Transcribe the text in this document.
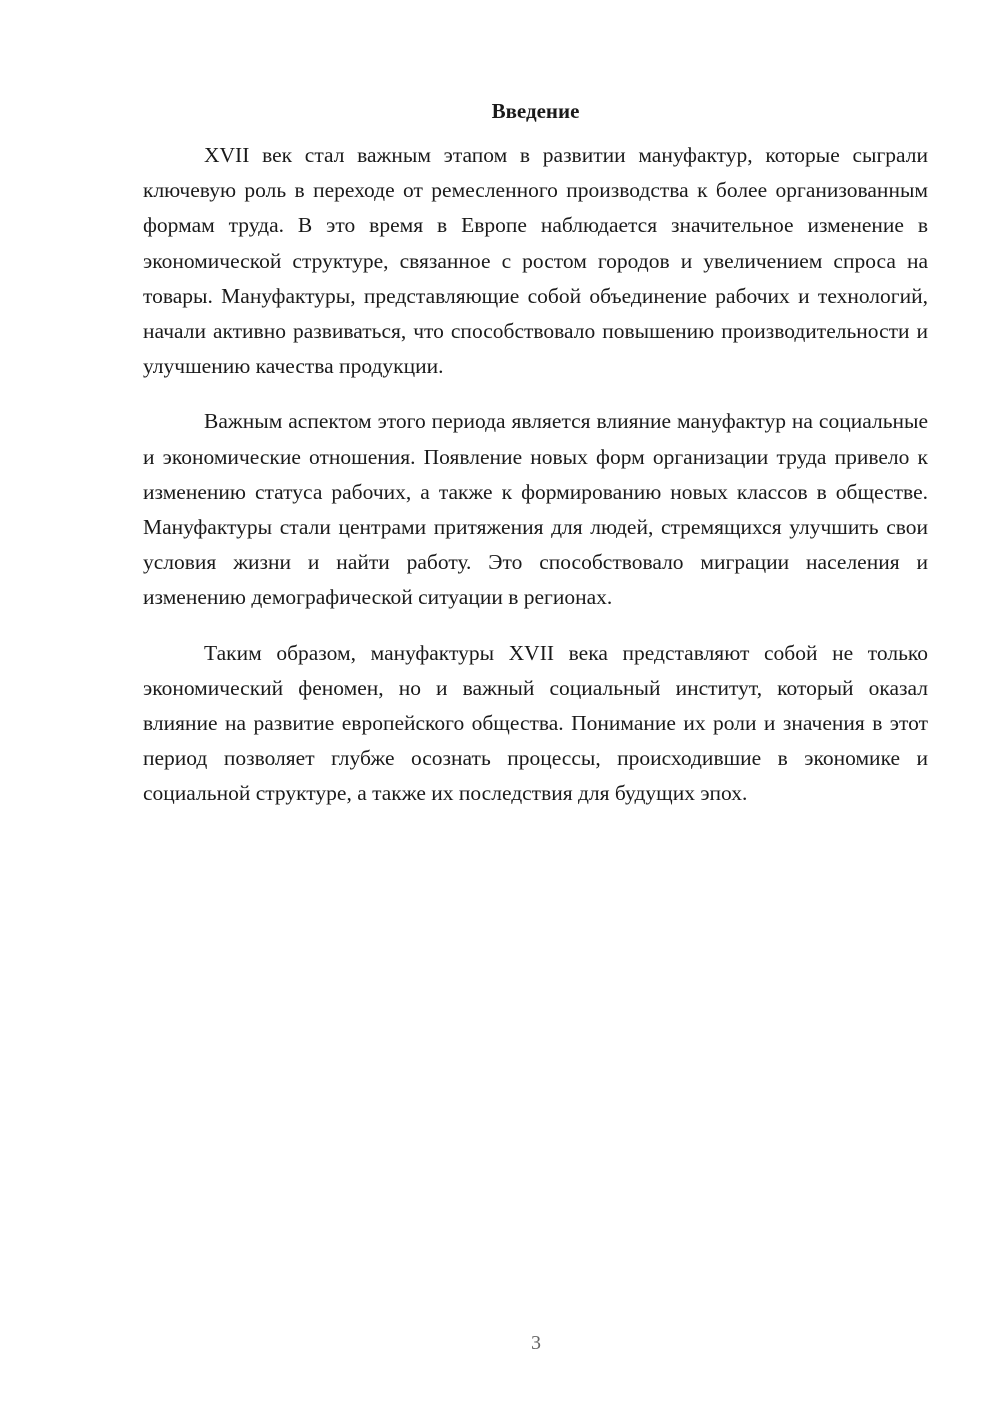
Введение

XVII век стал важным этапом в развитии мануфактур, которые сыграли ключевую роль в переходе от ремесленного производства к более организованным формам труда. В это время в Европе наблюдается значительное изменение в экономической структуре, связанное с ростом городов и увеличением спроса на товары. Мануфактуры, представляющие собой объединение рабочих и технологий, начали активно развиваться, что способствовало повышению производительности и улучшению качества продукции.

Важным аспектом этого периода является влияние мануфактур на социальные и экономические отношения. Появление новых форм организации труда привело к изменению статуса рабочих, а также к формированию новых классов в обществе. Мануфактуры стали центрами притяжения для людей, стремящихся улучшить свои условия жизни и найти работу. Это способствовало миграции населения и изменению демографической ситуации в регионах.

Таким образом, мануфактуры XVII века представляют собой не только экономический феномен, но и важный социальный институт, который оказал влияние на развитие европейского общества. Понимание их роли и значения в этот период позволяет глубже осознать процессы, происходившие в экономике и социальной структуре, а также их последствия для будущих эпох.

3
